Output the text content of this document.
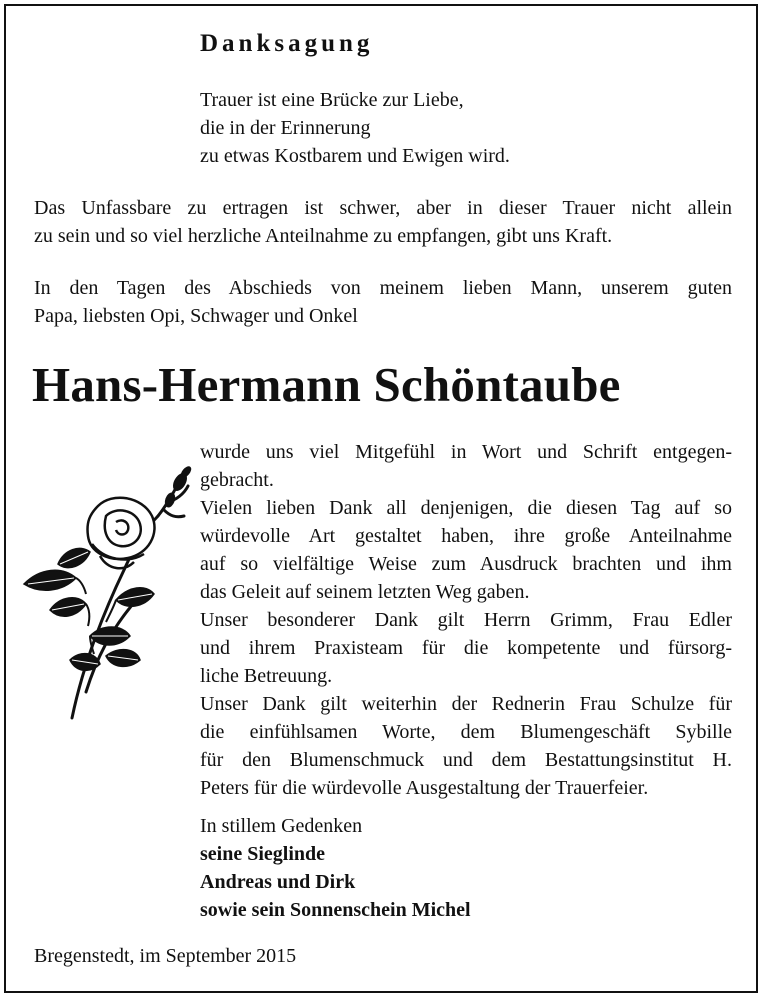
Danksagung
Trauer ist eine Brücke zur Liebe,
die in der Erinnerung
zu etwas Kostbarem und Ewigen wird.
Das Unfassbare zu ertragen ist schwer, aber in dieser Trauer nicht allein
zu sein und so viel herzliche Anteilnahme zu empfangen, gibt uns Kraft.
In den Tagen des Abschieds von meinem lieben Mann, unserem guten
Papa, liebsten Opi, Schwager und Onkel
Hans-Hermann Schöntaube
wurde uns viel Mitgefühl in Wort und Schrift entgegen-
gebracht.
Vielen lieben Dank all denjenigen, die diesen Tag auf so
würdevolle Art gestaltet haben, ihre große Anteilnahme
auf so vielfältige Weise zum Ausdruck brachten und ihm
das Geleit auf seinem letzten Weg gaben.
Unser besonderer Dank gilt Herrn Grimm, Frau Edler
und ihrem Praxisteam für die kompetente und fürsorg-
liche Betreuung.
Unser Dank gilt weiterhin der Rednerin Frau Schulze für
die einfühlsamen Worte, dem Blumengeschäft Sybille
für den Blumenschmuck und dem Bestattungsinstitut H.
Peters für die würdevolle Ausgestaltung der Trauerfeier.
In stillem Gedenken
seine Sieglinde
Andreas und Dirk
sowie sein Sonnenschein Michel
Bregenstedt, im September 2015
